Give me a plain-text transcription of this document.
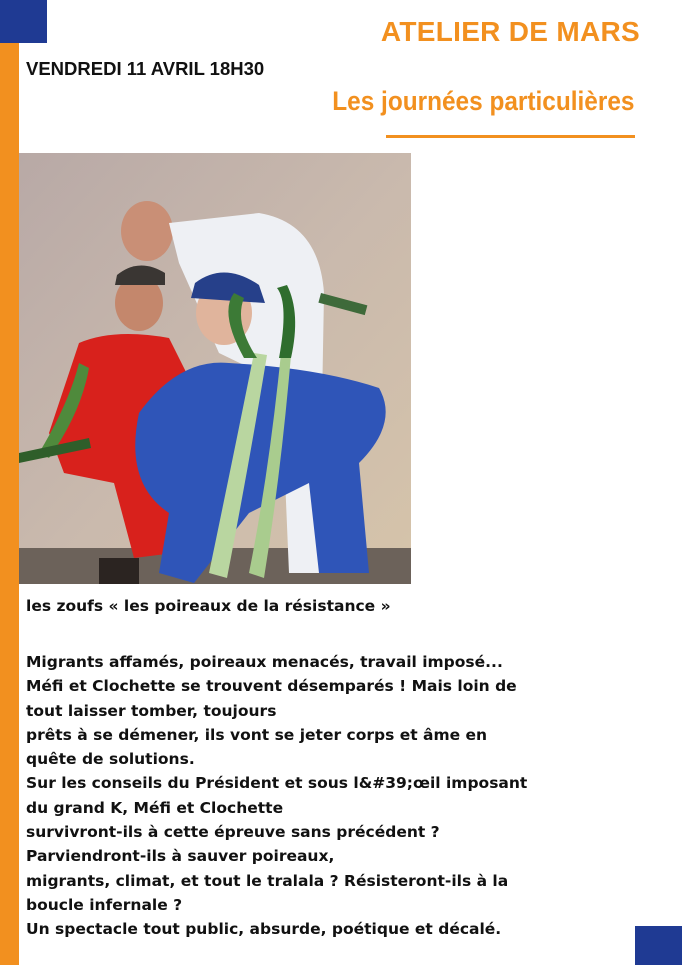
ATELIER DE MARS
VENDREDI 11 AVRIL 18H30
Les journées particulières
les zoufs « les poireaux de la résistance »
Migrants affamés, poireaux menacés, travail imposé...
Méfi et Clochette se trouvent désemparés ! Mais loin de
tout laisser tomber, toujours
prêts à se démener, ils vont se jeter corps et âme en
quête de solutions.
Sur les conseils du Président et sous l&#39;œil imposant
du grand K, Méfi et Clochette
survivront-ils à cette épreuve sans précédent ?
Parviendront-ils à sauver poireaux,
migrants, climat, et tout le tralala ? Résisteront-ils à la
boucle infernale ?
Un spectacle tout public, absurde, poétique et décalé.
